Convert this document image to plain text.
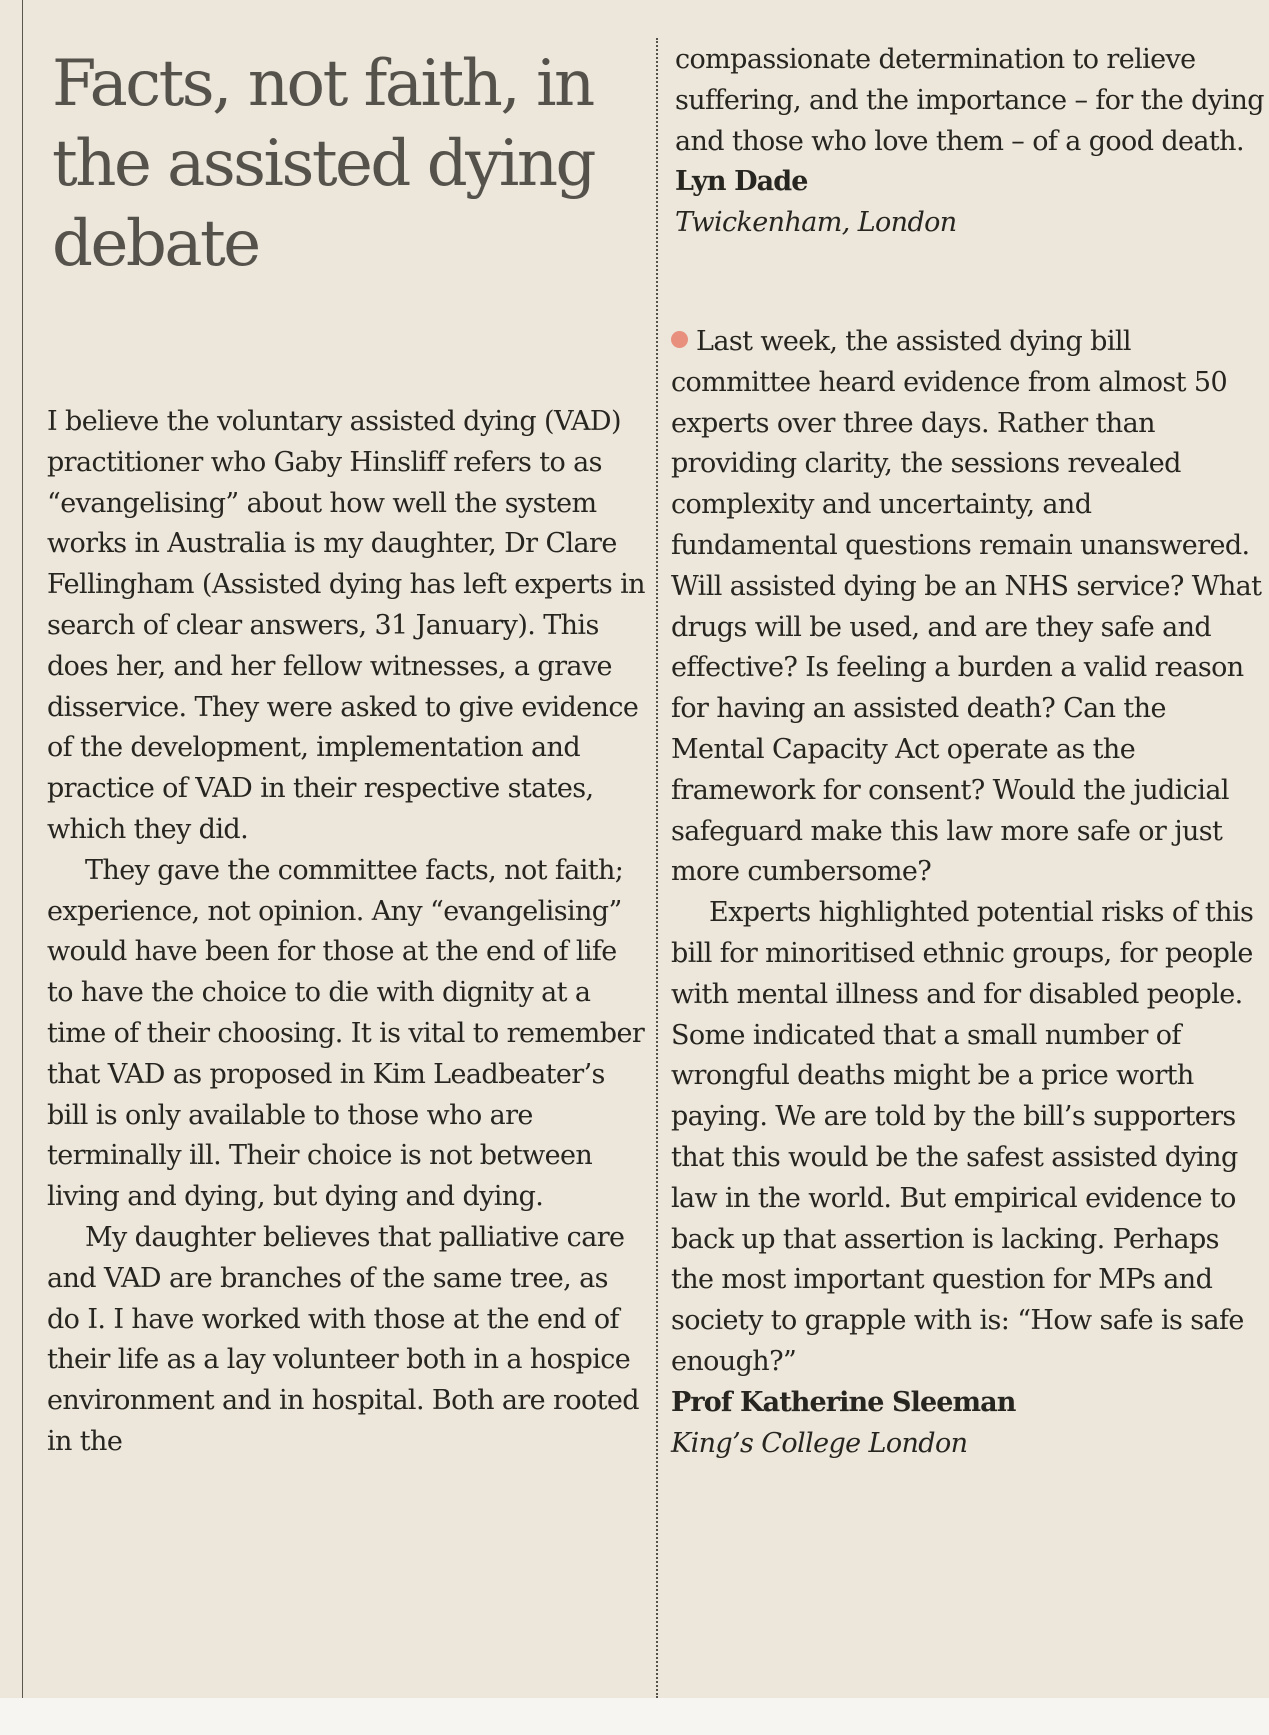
Facts, not faith, in the assisted dying debate

I believe the voluntary assisted dying (VAD) practitioner who Gaby Hinsliff refers to as “evangelising” about how well the system works in Australia is my daughter, Dr Clare Fellingham (Assisted dying has left experts in search of clear answers, 31 January). This does her, and her fellow witnesses, a grave disservice. They were asked to give evidence of the development, implementation and practice of VAD in their respective states, which they did.

They gave the committee facts, not faith; experience, not opinion. Any “evangelising” would have been for those at the end of life to have the choice to die with dignity at a time of their choosing. It is vital to remember that VAD as proposed in Kim Leadbeater’s bill is only available to those who are terminally ill. Their choice is not between living and dying, but dying and dying.

My daughter believes that palliative care and VAD are branches of the same tree, as do I. I have worked with those at the end of their life as a lay volunteer both in a hospice environment and in hospital. Both are rooted in the

compassionate determination to relieve suffering, and the importance – for the dying and those who love them – of a good death.

Lyn Dade

Twickenham, London

Last week, the assisted dying bill committee heard evidence from almost 50 experts over three days. Rather than providing clarity, the sessions revealed complexity and uncertainty, and fundamental questions remain unanswered. Will assisted dying be an NHS service? What drugs will be used, and are they safe and effective? Is feeling a burden a valid reason for having an assisted death? Can the Mental Capacity Act operate as the framework for consent? Would the judicial safeguard make this law more safe or just more cumbersome?

Experts highlighted potential risks of this bill for minoritised ethnic groups, for people with mental illness and for disabled people. Some indicated that a small number of wrongful deaths might be a price worth paying. We are told by the bill’s supporters that this would be the safest assisted dying law in the world. But empirical evidence to back up that assertion is lacking. Perhaps the most important question for MPs and society to grapple with is: “How safe is safe enough?”

Prof Katherine Sleeman

King’s College London
